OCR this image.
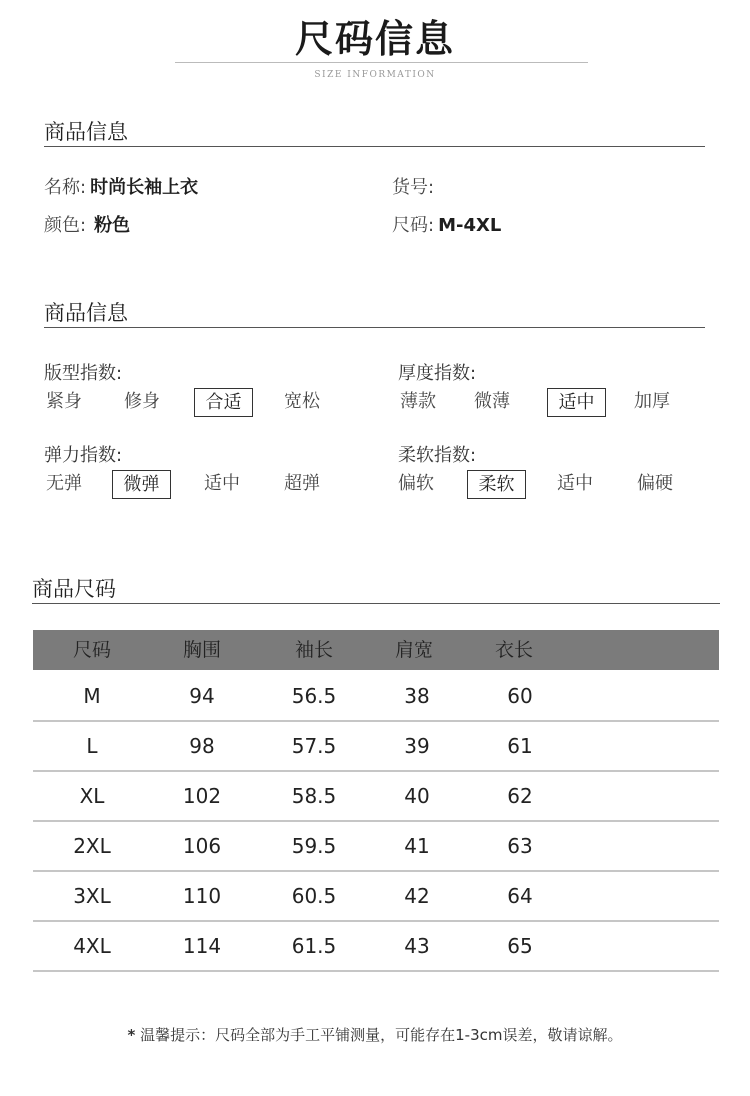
尺码信息
SIZE INFORMATION
商品信息
名称: 时尚长袖上衣	货号:
颜色: 粉色	尺码: M-4XL
商品信息
版型指数:
紧身 修身	合适	宽松
厚度指数:
薄款 微薄	适中	加厚
弹力指数:
无弹	微弹	适中 超弹
柔软指数:
偏软	柔软	适中 偏硬
商品尺码
尺码	胸围	袖长	肩宽	衣长
M	94	56.5	38	60
L	98	57.5	39	61
XL	102	58.5	40	62
2XL	106	59.5	41	63
3XL	110	60.5	42	64
4XL	114	61.5	43	65
* 温馨提示：尺码全部为手工平铺测量，可能存在1-3cm误差，敬请谅解。
